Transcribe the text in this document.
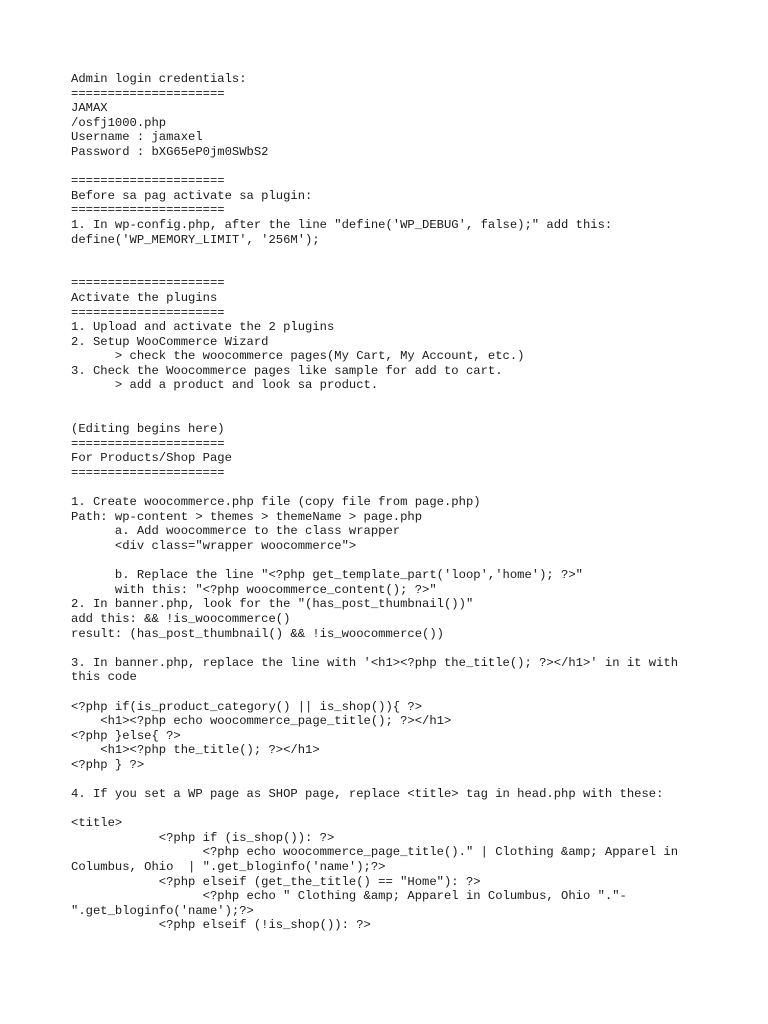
Admin login credentials:
=====================
JAMAX
/osfj1000.php
Username : jamaxel
Password : bXG65eP0jm0SWbS2

=====================
Before sa pag activate sa plugin:
=====================
1. In wp-config.php, after the line "define('WP_DEBUG', false);" add this:
define('WP_MEMORY_LIMIT', '256M');

=====================
Activate the plugins
=====================
1. Upload and activate the 2 plugins
2. Setup WooCommerce Wizard
> check the woocommerce pages(My Cart, My Account, etc.)
3. Check the Woocommerce pages like sample for add to cart.
> add a product and look sa product.

(Editing begins here)
=====================
For Products/Shop Page
=====================

1. Create woocommerce.php file (copy file from page.php)
Path: wp-content > themes > themeName > page.php
a. Add woocommerce to the class wrapper
<div class="wrapper woocommerce">

b. Replace the line "<?php get_template_part('loop','home'); ?>"
with this: "<?php woocommerce_content(); ?>"
2. In banner.php, look for the "(has_post_thumbnail())"
add this: && !is_woocommerce()
result: (has_post_thumbnail() && !is_woocommerce())

3. In banner.php, replace the line with '<h1><?php the_title(); ?></h1>' in it with
this code

<?php if(is_product_category() || is_shop()){ ?>
<h1><?php echo woocommerce_page_title(); ?></h1>
<?php }else{ ?>
<h1><?php the_title(); ?></h1>
<?php } ?>

4. If you set a WP page as SHOP page, replace <title> tag in head.php with these:

<title>
<?php if (is_shop()): ?>
<?php echo woocommerce_page_title()." | Clothing &amp; Apparel in
Columbus, Ohio  | ".get_bloginfo('name');?>
<?php elseif (get_the_title() == "Home"): ?>
<?php echo " Clothing &amp; Apparel in Columbus, Ohio "."-
".get_bloginfo('name');?>
<?php elseif (!is_shop()): ?>
